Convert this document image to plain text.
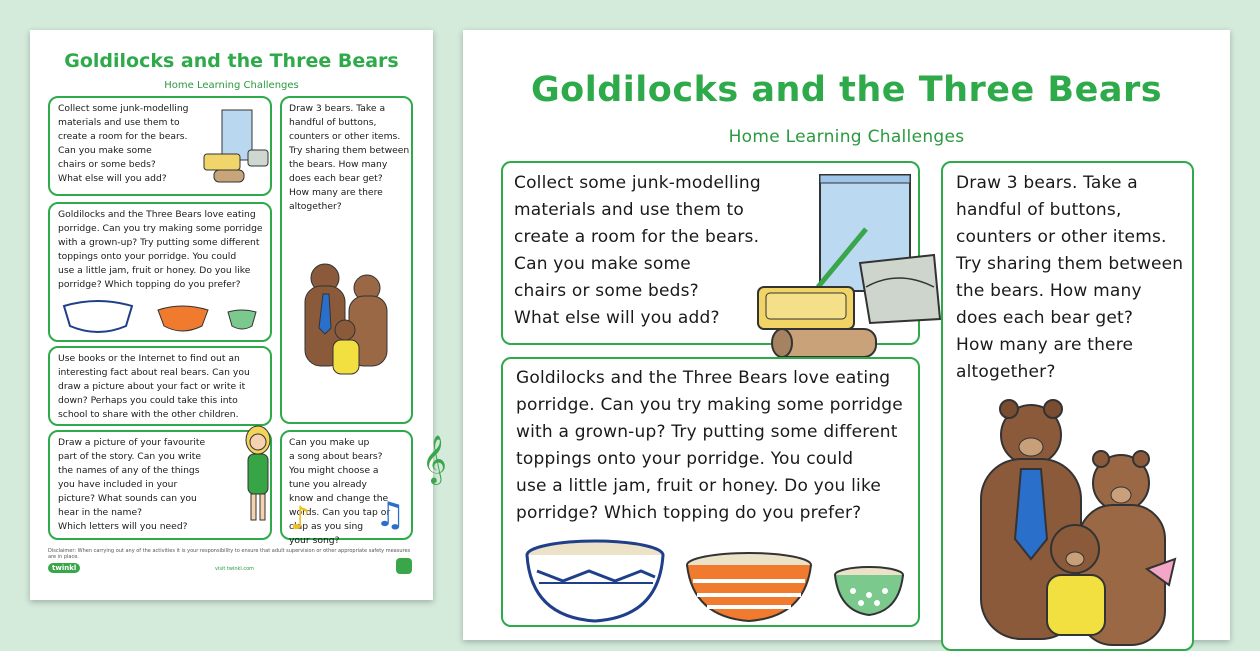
Goldilocks and the Three Bears
Home Learning Challenges
Collect some junk-modelling
materials and use them to
create a room for the bears.
Can you make some
chairs or some beds?
What else will you add?
Draw 3 bears. Take a
handful of buttons,
counters or other items.
Try sharing them between
the bears. How many
does each bear get?
How many are there
altogether?
Goldilocks and the Three Bears love eating
porridge. Can you try making some porridge
with a grown-up? Try putting some different
toppings onto your porridge. You could
use a little jam, fruit or honey. Do you like
porridge? Which topping do you prefer?
Use books or the Internet to find out an
interesting fact about real bears. Can you
draw a picture about your fact or write it
down? Perhaps you could take this into
school to share with the other children.
Draw a picture of your favourite
part of the story. Can you write
the names of any of the things
you have included in your
picture? What sounds can you
hear in the name?
Which letters will you need?
Can you make up
a song about bears?
You might choose a
tune you already
know and change the
words. Can you tap or
clap as you sing
your song?
𝄞
♪ ♫
Disclaimer: When carrying out any of the activities it is your responsibility to ensure that adult supervision or other appropriate safety measures are in place.
twinkl	visit twinkl.com
Goldilocks and the Three Bears
Home Learning Challenges
Collect some junk-modelling
materials and use them to
create a room for the bears.
Can you make some
chairs or some beds?
What else will you add?
Draw 3 bears. Take a
handful of buttons,
counters or other items.
Try sharing them between
the bears. How many
does each bear get?
How many are there
altogether?
Goldilocks and the Three Bears love eating
porridge. Can you try making some porridge
with a grown-up? Try putting some different
toppings onto your porridge. You could
use a little jam, fruit or honey. Do you like
porridge? Which topping do you prefer?
